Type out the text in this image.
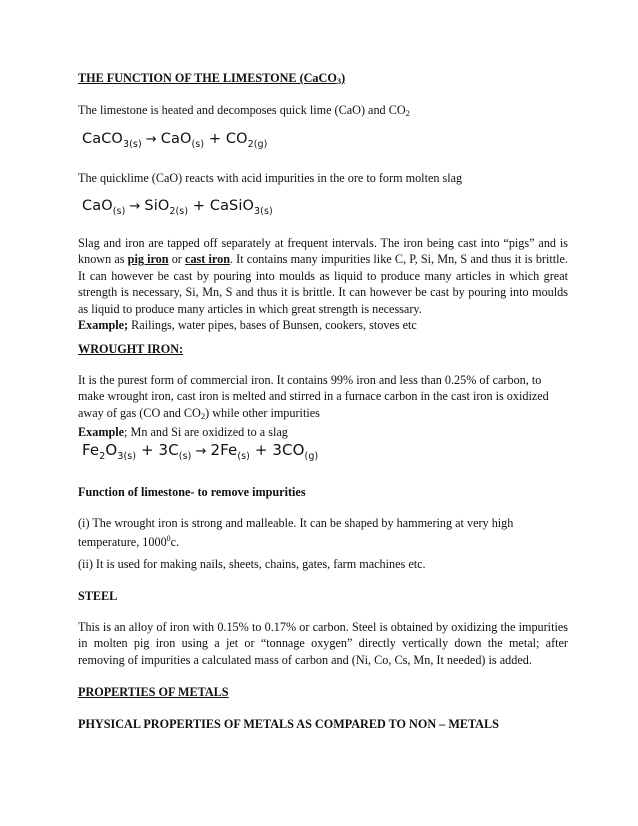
THE FUNCTION OF THE LIMESTONE (CaCO$_3$)
The limestone is heated and decomposes quick lime (CaO) and $CO_2$
CaCO$_{3(s)}$ → $CaO_{(s)} + CO_{2(g)}$
The quicklime (CaO) reacts with acid impurities in the ore to form molten slag
CaO$_{(s)}$ → SiO$_{2(s)}$ + CaSiO$_{3(s)}$
Slag and iron are tapped off separately at frequent intervals. The iron being cast into “pigs” and is known as pig iron or cast iron. It contains many impurities like C, P, Si, Mn, S and thus it is brittle. It can however be cast by pouring into moulds as liquid to produce many articles in which great strength is necessary, Si, Mn, S and thus it is brittle. It can however be cast by pouring into moulds as liquid to produce many articles in which great strength is necessary.
Example; Railings, water pipes, bases of Bunsen, cookers, stoves etc
WROUGHT IRON:
It is the purest form of commercial iron. It contains 99% iron and less than 0.25% of carbon, to make wrought iron, cast iron is melted and stirred in a furnace carbon in the cast iron is oxidized away of gas (CO and $CO_2$) while other impurities
Example; Mn and Si are oxidized to a slag
$Fe_2O_{3(s)} + 3C_{(s)} \to 2Fe_{(s)} + 3CO_{(g)}$
Function of limestone- to remove impurities
(i) The wrought iron is strong and malleable. It can be shaped by hammering at very high temperature, 1000$^0$c.
(ii) It is used for making nails, sheets, chains, gates, farm machines etc.
STEEL
This is an alloy of iron with 0.15% to 0.17% or carbon. Steel is obtained by oxidizing the impurities in molten pig iron using a jet or “tonnage oxygen” directly vertically down the metal; after removing of impurities a calculated mass of carbon and (Ni, Co, Cs, Mn, It needed) is added.
PROPERTIES OF METALS
PHYSICAL PROPERTIES OF METALS AS COMPARED TO NON – METALS
